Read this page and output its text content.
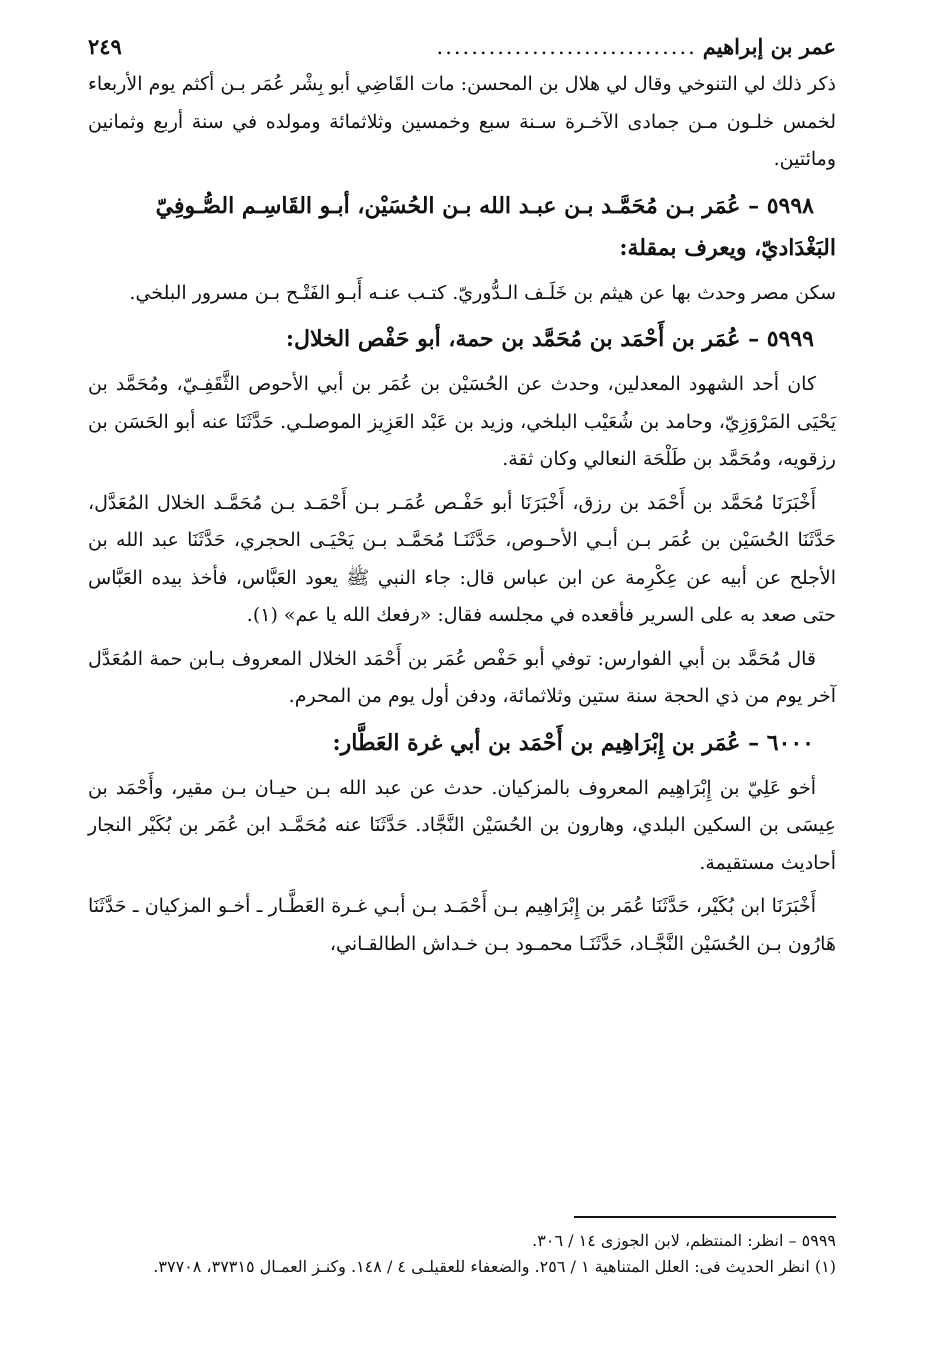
عمر بن إبراهيم
..............................
٢٤٩

ذكر ذلك لي التنوخي وقال لي هلال بن المحسن: مات القَاضِي أبو بِشْر عُمَر بـن أكثم يوم الأربعاء لخمس خلـون مـن جمادى الآخـرة سـنة سبع وخمسين وثلاثمائة ومولده في سنة أربع وثمانين ومائتين.

٥٩٩٨ – عُمَر بـن مُحَمَّـد بـن عبـد الله بـن الحُسَيْن، أبـو القَاسِـم الصُّـوفِيّ البَغْدَاديّ، ويعرف بمقلة:

سكن مصر وحدث بها عن هيثم بن خَلَـف الـدُّوريّ. كتـب عنـه أَبـو الفَتْـح بـن مسرور البلخي.

٥٩٩٩ – عُمَر بن أَحْمَد بن مُحَمَّد بن حمة، أبو حَفْص الخلال:

كان أحد الشهود المعدلين، وحدث عن الحُسَيْن بن عُمَر بن أبي الأحوص الثَّقَفِـيّ، ومُحَمَّد بن يَحْيَى المَرْوَزِيّ، وحامد بن شُعَيْب البلخي، وزيد بن عَبْد العَزِيز الموصلـي. حَدَّثَنَا عنه أبو الحَسَن بن رزقويه، ومُحَمَّد بن طَلْحَة النعالي وكان ثقة.

أَخْبَرَنَا مُحَمَّد بن أَحْمَد بن رزق، أَخْبَرَنَا أبو حَفْـص عُمَـر بـن أَحْمَـد بـن مُحَمَّـد الخلال المُعَدَّل، حَدَّثَنَا الحُسَيْن بن عُمَر بـن أبـي الأحـوص، حَدَّثَنَـا مُحَمَّـد بـن يَحْيَـى الحجري، حَدَّثَنَا عبد الله بن الأجلح عن أبيه عن عِكْرِمة عن ابن عباس قال: جاء النبي ﷺ يعود العَبَّاس، فأخذ بيده العَبَّاس حتى صعد به على السرير فأقعده في مجلسه فقال: «رفعك الله يا عم» (١).

قال مُحَمَّد بن أبي الفوارس: توفي أبو حَفْص عُمَر بن أَحْمَد الخلال المعروف بـابن حمة المُعَدَّل آخر يوم من ذي الحجة سنة ستين وثلاثمائة، ودفن أول يوم من المحرم.

٦٠٠٠ – عُمَر بن إِبْرَاهِيم بن أَحْمَد بن أبي غرة العَطَّار:

أخو عَلِيّ بن إِبْرَاهِيم المعروف بالمزكيان. حدث عن عبد الله بـن حيـان بـن مقير، وأَحْمَد بن عِيسَى بن السكين البلدي، وهارون بن الحُسَيْن النَّجَّاد. حَدَّثَنَا عنه مُحَمَّـد ابن عُمَر بن بُكَيْر النجار أحاديث مستقيمة.

أَخْبَرَنَا ابن بُكَيْر، حَدَّثَنَا عُمَر بن إِبْرَاهِيم بـن أَحْمَـد بـن أبـي غـرة العَطَّـار ـ أخـو المزكيان ـ حَدَّثَنَا هَارُون بـن الحُسَيْن النَّجَّـاد، حَدَّثَنَـا محمـود بـن خـداش الطالقـاني،

٥٩٩٩ – انظر: المنتظم، لابن الجوزى ١٤ / ٣٠٦.

(١) انظر الحديث فى: العلل المتناهية ١ / ٢٥٦. والضعفاء للعقيلـى ٤ / ١٤٨. وكنـز العمـال ٣٧٣١٥، ٣٧٧٠٨.
